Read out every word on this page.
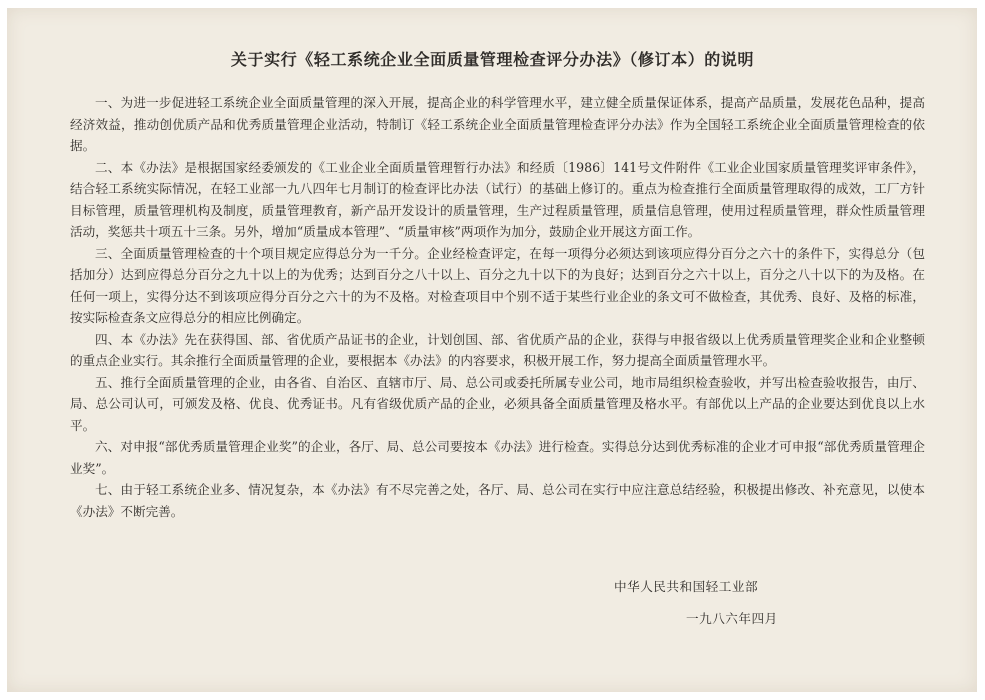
关于实行《轻工系统企业全面质量管理检查评分办法》（修订本）的说明

一、为进一步促进轻工系统企业全面质量管理的深入开展，提高企业的科学管理水平，建立健全质量保证体系，提高产品质量，发展花色品种，提高经济效益，推动创优质产品和优秀质量管理企业活动，特制订《轻工系统企业全面质量管理检查评分办法》作为全国轻工系统企业全面质量管理检查的依据。

二、本《办法》是根据国家经委颁发的《工业企业全面质量管理暂行办法》和经质〔1986〕141号文件附件《工业企业国家质量管理奖评审条件》，结合轻工系统实际情况，在轻工业部一九八四年七月制订的检查评比办法（试行）的基础上修订的。重点为检查推行全面质量管理取得的成效，工厂方针目标管理，质量管理机构及制度，质量管理教育，新产品开发设计的质量管理，生产过程质量管理，质量信息管理，使用过程质量管理，群众性质量管理活动，奖惩共十项五十三条。另外，增加“质量成本管理”、“质量审核”两项作为加分，鼓励企业开展这方面工作。

三、全面质量管理检查的十个项目规定应得总分为一千分。企业经检查评定，在每一项得分必须达到该项应得分百分之六十的条件下，实得总分（包括加分）达到应得总分百分之九十以上的为优秀；达到百分之八十以上、百分之九十以下的为良好；达到百分之六十以上，百分之八十以下的为及格。在任何一项上，实得分达不到该项应得分百分之六十的为不及格。对检查项目中个别不适于某些行业企业的条文可不做检查，其优秀、良好、及格的标准，按实际检查条文应得总分的相应比例确定。

四、本《办法》先在获得国、部、省优质产品证书的企业，计划创国、部、省优质产品的企业，获得与申报省级以上优秀质量管理奖企业和企业整顿的重点企业实行。其余推行全面质量管理的企业，要根据本《办法》的内容要求，积极开展工作，努力提高全面质量管理水平。

五、推行全面质量管理的企业，由各省、自治区、直辖市厅、局、总公司或委托所属专业公司，地市局组织检查验收，并写出检查验收报告，由厅、局、总公司认可，可颁发及格、优良、优秀证书。凡有省级优质产品的企业，必须具备全面质量管理及格水平。有部优以上产品的企业要达到优良以上水平。

六、对申报“部优秀质量管理企业奖”的企业，各厅、局、总公司要按本《办法》进行检查。实得总分达到优秀标准的企业才可申报“部优秀质量管理企业奖”。

七、由于轻工系统企业多、情况复杂，本《办法》有不尽完善之处，各厅、局、总公司在实行中应注意总结经验，积极提出修改、补充意见，以使本《办法》不断完善。

中华人民共和国轻工业部
一九八六年四月
